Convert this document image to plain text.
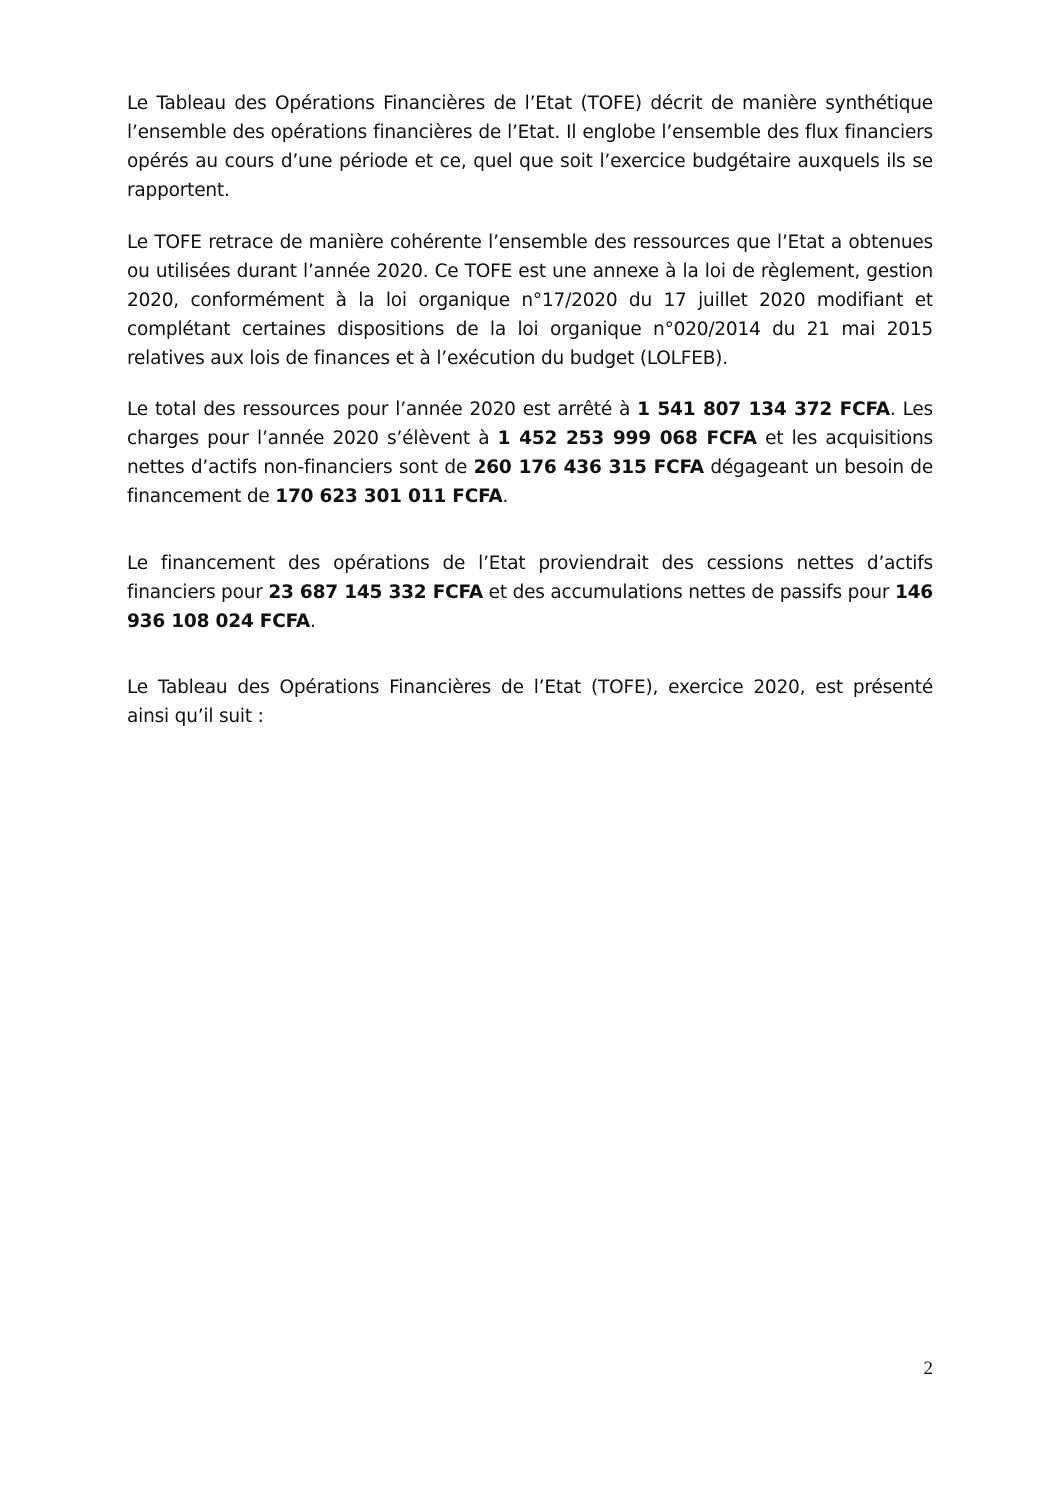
Le Tableau des Opérations Financières de l’Etat (TOFE) décrit de manière synthétique l’ensemble des opérations financières de l’Etat. Il englobe l’ensemble des flux financiers opérés au cours d’une période et ce, quel que soit l’exercice budgétaire auxquels ils se rapportent.

Le TOFE retrace de manière cohérente l’ensemble des ressources que l’Etat a obtenues ou utilisées durant l’année 2020. Ce TOFE est une annexe à la loi de règlement, gestion 2020, conformément à la loi organique n°17/2020 du 17 juillet 2020 modifiant et complétant certaines dispositions de la loi organique n°020/2014 du 21 mai 2015 relatives aux lois de finances et à l’exécution du budget (LOLFEB).

Le total des ressources pour l’année 2020 est arrêté à 1 541 807 134 372 FCFA. Les charges pour l’année 2020 s’élèvent à 1 452 253 999 068 FCFA et les acquisitions nettes d’actifs non-financiers sont de 260 176 436 315 FCFA dégageant un besoin de financement de 170 623 301 011 FCFA.

Le financement des opérations de l’Etat proviendrait des cessions nettes d’actifs financiers pour 23 687 145 332 FCFA et des accumulations nettes de passifs pour 146 936 108 024 FCFA.

Le Tableau des Opérations Financières de l’Etat (TOFE), exercice 2020, est présenté ainsi qu’il suit :

2
